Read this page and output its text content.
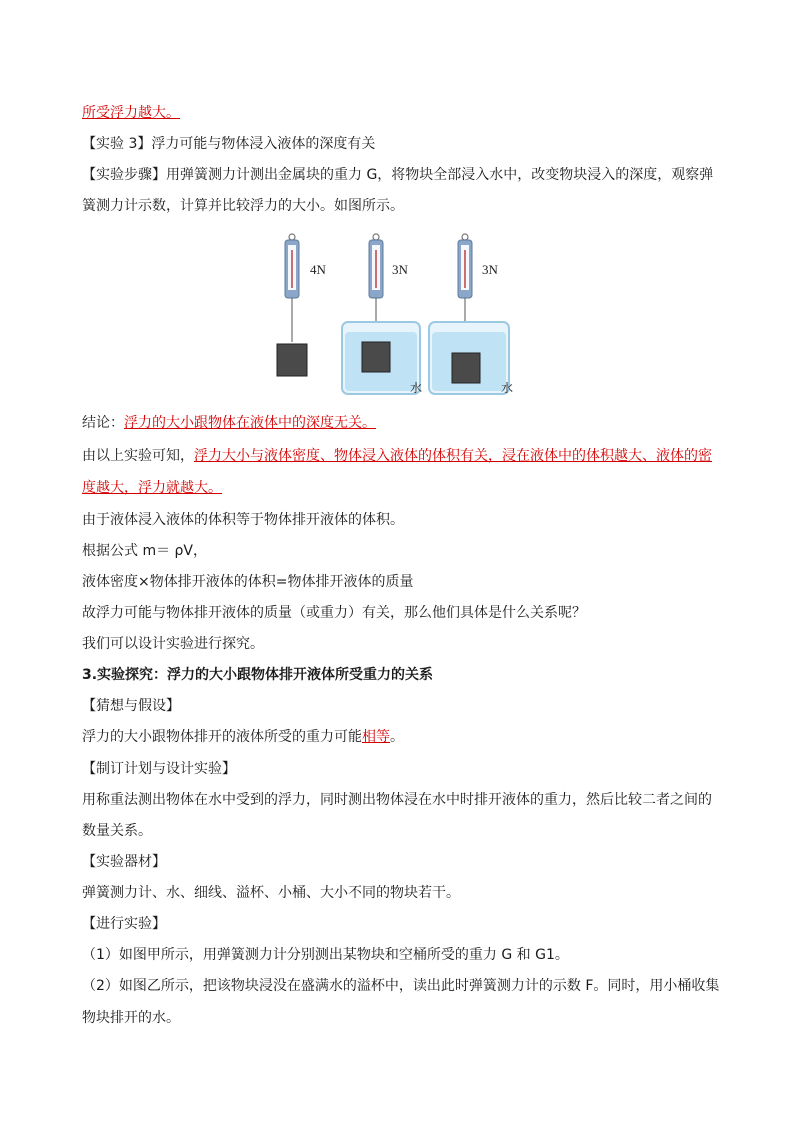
所受浮力越大。
【实验 3】浮力可能与物体浸入液体的深度有关
【实验步骤】用弹簧测力计测出金属块的重力 G，将物块全部浸入水中，改变物块浸入的深度，观察弹
簧测力计示数，计算并比较浮力的大小。如图所示。
4N	3N
水
3N
水
结论：浮力的大小跟物体在液体中的深度无关。
由以上实验可知，浮力大小与液体密度、物体浸入液体的体积有关，浸在液体中的体积越大、液体的密
度越大，浮力就越大。
由于液体浸入液体的体积等于物体排开液体的体积。
根据公式 m＝ ρV，
液体密度×物体排开液体的体积=物体排开液体的质量
故浮力可能与物体排开液体的质量（或重力）有关，那么他们具体是什么关系呢？
我们可以设计实验进行探究。
3.实验探究：浮力的大小跟物体排开液体所受重力的关系
【猜想与假设】
浮力的大小跟物体排开的液体所受的重力可能相等。
【制订计划与设计实验】
用称重法测出物体在水中受到的浮力，同时测出物体浸在水中时排开液体的重力，然后比较二者之间的
数量关系。
【实验器材】
弹簧测力计、水、细线、溢杯、小桶、大小不同的物块若干。
【进行实验】
（1）如图甲所示，用弹簧测力计分别测出某物块和空桶所受的重力 G 和 G1。
（2）如图乙所示，把该物块浸没在盛满水的溢杯中，读出此时弹簧测力计的示数 F。同时，用小桶收集
物块排开的水。
